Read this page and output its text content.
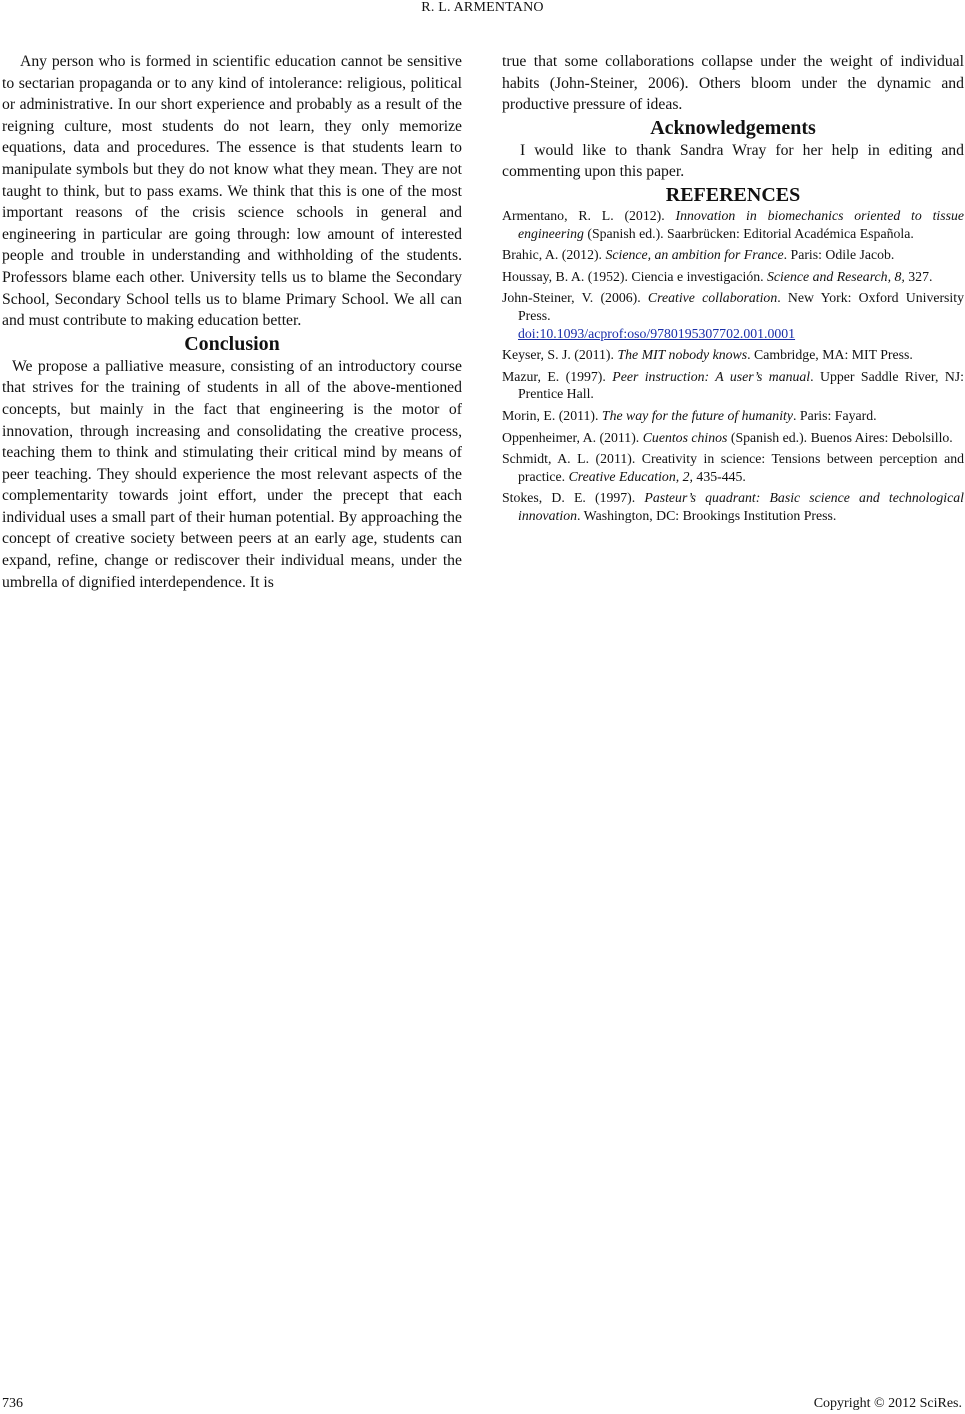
R. L. ARMENTANO

Any person who is formed in scientific education cannot be sensitive to sectarian propaganda or to any kind of intolerance: religious, political or administrative. In our short experience and probably as a result of the reigning culture, most students do not learn, they only memorize equations, data and procedures. The essence is that students learn to manipulate symbols but they do not know what they mean. They are not taught to think, but to pass exams. We think that this is one of the most important reasons of the crisis science schools in general and engineering in particular are going through: low amount of interested people and trouble in understanding and withholding of the students. Professors blame each other. University tells us to blame the Secondary School, Secondary School tells us to blame Primary School. We all can and must contribute to making education better.

Conclusion

We propose a palliative measure, consisting of an introductory course that strives for the training of students in all of the above-mentioned concepts, but mainly in the fact that engineering is the motor of innovation, through increasing and consolidating the creative process, teaching them to think and stimulating their critical mind by means of peer teaching. They should experience the most relevant aspects of the complementarity towards joint effort, under the precept that each individual uses a small part of their human potential. By approaching the concept of creative society between peers at an early age, students can expand, refine, change or rediscover their individual means, under the umbrella of dignified interdependence. It is

true that some collaborations collapse under the weight of individual habits (John-Steiner, 2006). Others bloom under the dynamic and productive pressure of ideas.

Acknowledgements

I would like to thank Sandra Wray for her help in editing and commenting upon this paper.

REFERENCES
Armentano, R. L. (2012). Innovation in biomechanics oriented to tissue engineering (Spanish ed.). Saarbrücken: Editorial Académica Española.
Brahic, A. (2012). Science, an ambition for France. Paris: Odile Jacob.
Houssay, B. A. (1952). Ciencia e investigación. Science and Research, 8, 327.
John-Steiner, V. (2006). Creative collaboration. New York: Oxford University Press.
doi:10.1093/acprof:oso/9780195307702.001.0001
Keyser, S. J. (2011). The MIT nobody knows. Cambridge, MA: MIT Press.
Mazur, E. (1997). Peer instruction: A user’s manual. Upper Saddle River, NJ: Prentice Hall.
Morin, E. (2011). The way for the future of humanity. Paris: Fayard.
Oppenheimer, A. (2011). Cuentos chinos (Spanish ed.). Buenos Aires: Debolsillo.
Schmidt, A. L. (2011). Creativity in science: Tensions between perception and practice. Creative Education, 2, 435-445.
Stokes, D. E. (1997). Pasteur’s quadrant: Basic science and technological innovation. Washington, DC: Brookings Institution Press.
736	Copyright © 2012 SciRes.
